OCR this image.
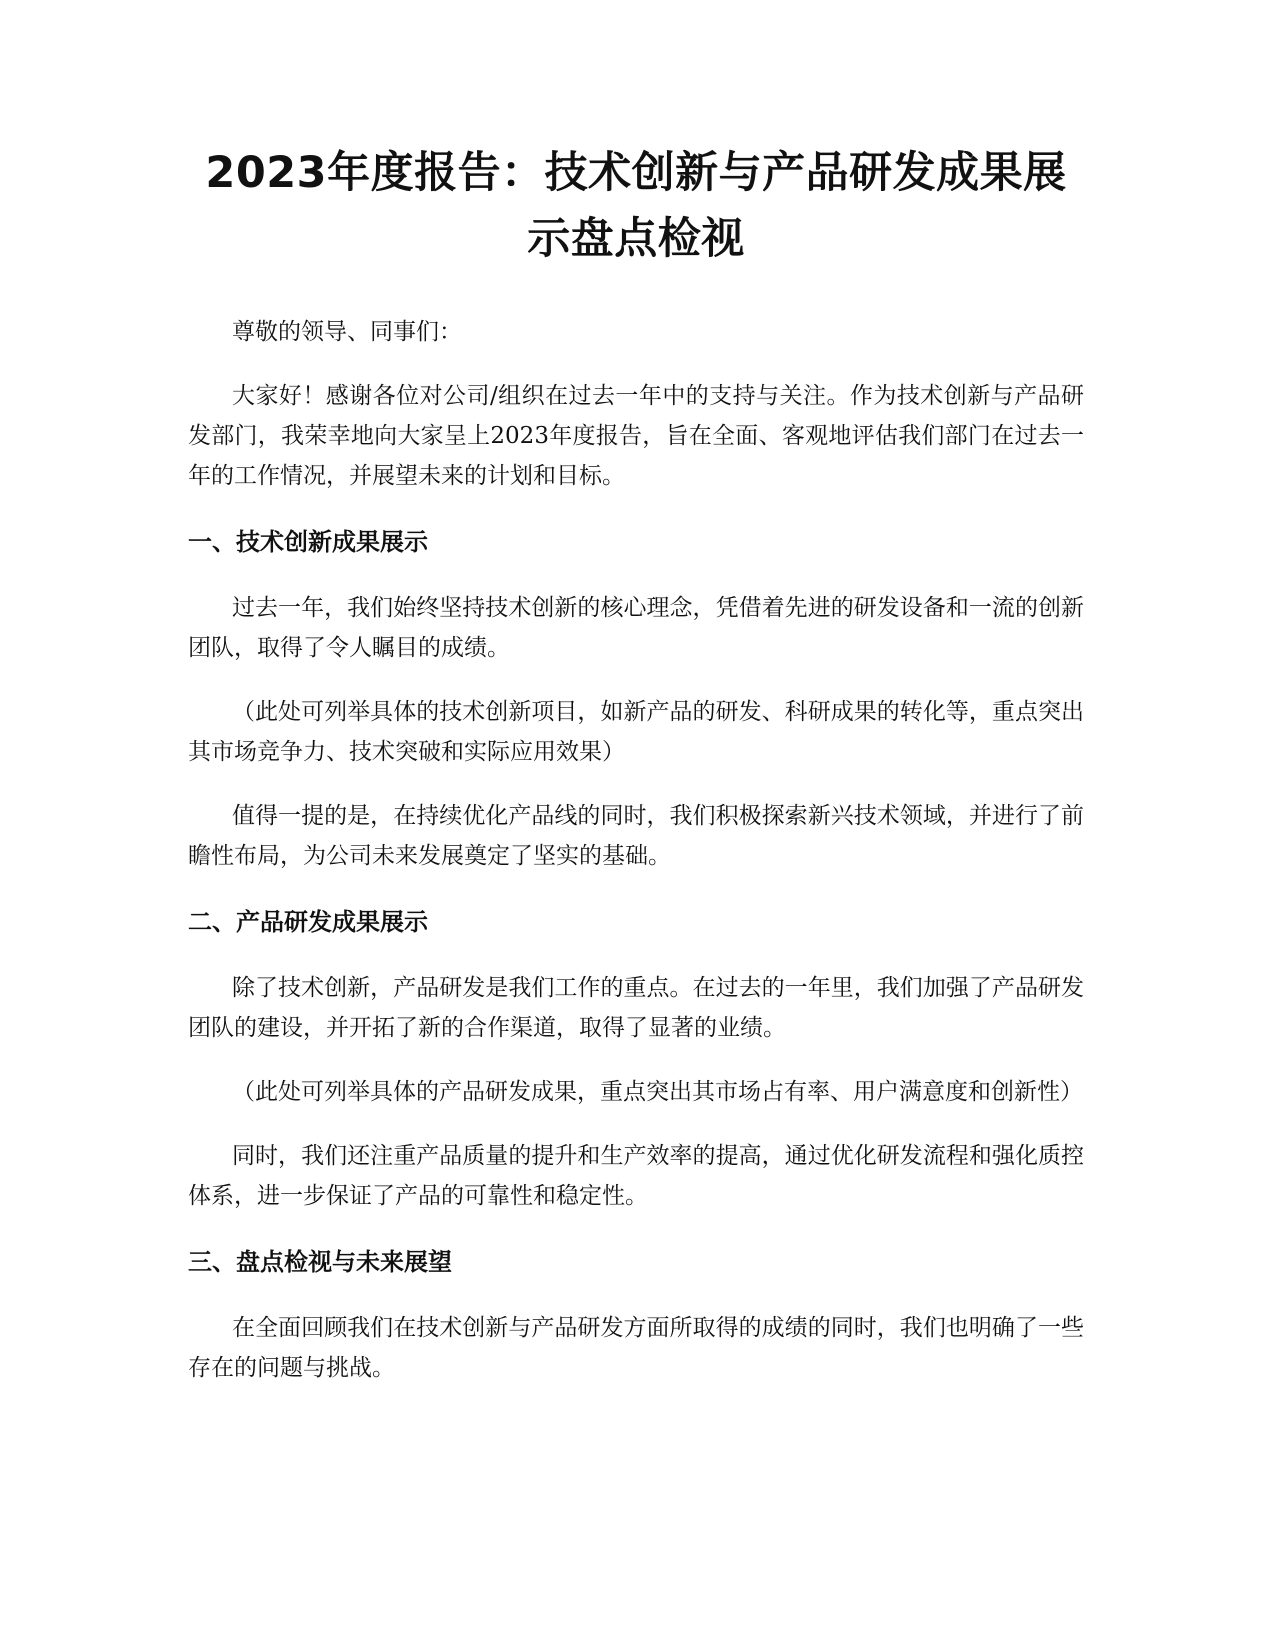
2023年度报告：技术创新与产品研发成果展
示盘点检视

尊敬的领导、同事们：

大家好！感谢各位对公司/组织在过去一年中的支持与关注。作为技术创新与产品研发部门，我荣幸地向大家呈上2023年度报告，旨在全面、客观地评估我们部门在过去一年的工作情况，并展望未来的计划和目标。

一、技术创新成果展示

过去一年，我们始终坚持技术创新的核心理念，凭借着先进的研发设备和一流的创新团队，取得了令人瞩目的成绩。

（此处可列举具体的技术创新项目，如新产品的研发、科研成果的转化等，重点突出其市场竞争力、技术突破和实际应用效果）

值得一提的是，在持续优化产品线的同时，我们积极探索新兴技术领域，并进行了前瞻性布局，为公司未来发展奠定了坚实的基础。

二、产品研发成果展示

除了技术创新，产品研发是我们工作的重点。在过去的一年里，我们加强了产品研发团队的建设，并开拓了新的合作渠道，取得了显著的业绩。

（此处可列举具体的产品研发成果，重点突出其市场占有率、用户满意度和创新性）

同时，我们还注重产品质量的提升和生产效率的提高，通过优化研发流程和强化质控体系，进一步保证了产品的可靠性和稳定性。

三、盘点检视与未来展望

在全面回顾我们在技术创新与产品研发方面所取得的成绩的同时，我们也明确了一些存在的问题与挑战。
